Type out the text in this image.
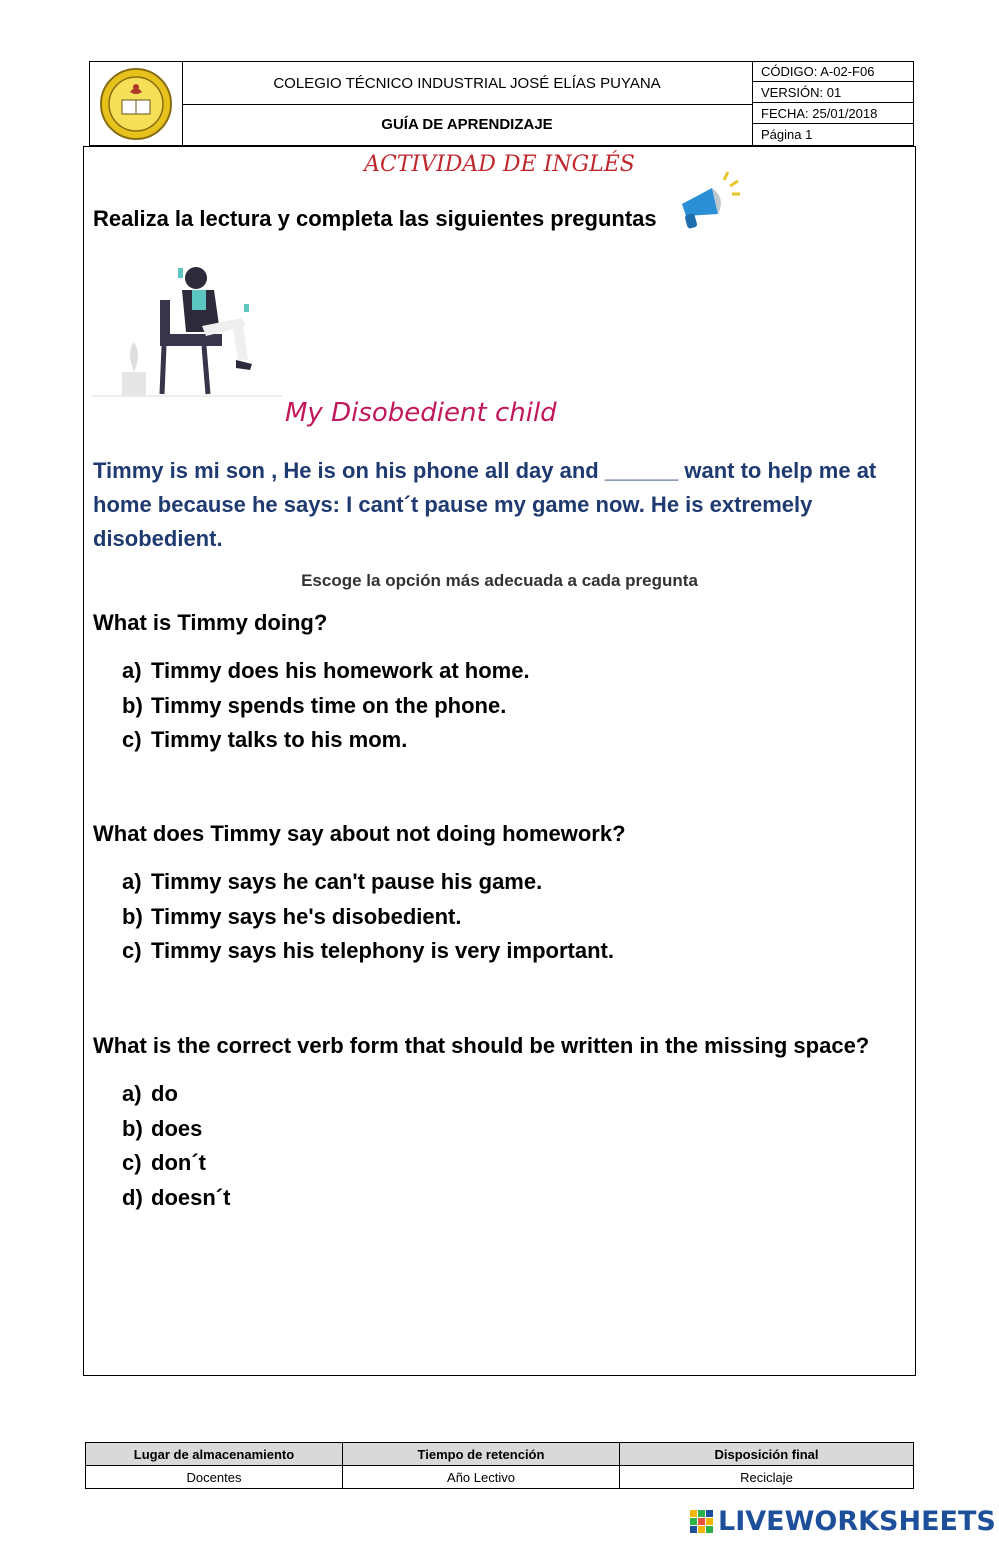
COLEGIO TÉCNICO INDUSTRIAL JOSÉ ELÍAS PUYANA
GUÍA DE APRENDIZAJE
CÓDIGO: A-02-F06
VERSIÓN: 01
FECHA: 25/01/2018
Página 1
ACTIVIDAD DE INGLÉS
Realiza la lectura y completa las siguientes preguntas
My Disobedient child
Timmy is mi son , He is on his phone all day and ______ want to help me at home because he says: I cant´t pause my game now. He is extremely disobedient.
Escoge la opción más adecuada a cada pregunta
What is Timmy doing?
a) Timmy does his homework at home.
b) Timmy spends time on the phone.
c) Timmy talks to his mom.
What does Timmy say about not doing homework?
a) Timmy says he can't pause his game.
b) Timmy says he's disobedient.
c) Timmy says his telephony is very important.
What is the correct verb form that should be written in the missing space?
a) do
b) does
c) don´t
d) doesn´t
Lugar de almacenamiento	Tiempo de retención	Disposición final
Docentes	Año Lectivo	Reciclaje
LIVEWORKSHEETS
